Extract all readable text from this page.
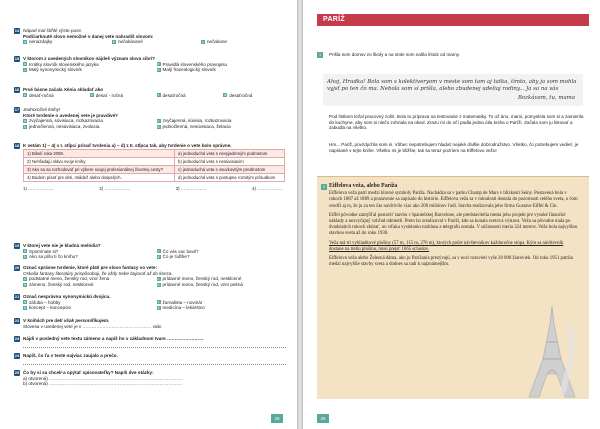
14 Nápad mal štíhlé výsto-puse.
Podčiarknuté slovo nemožné v danej vete nahradíš slovom:
a nenazdajky	b nečakávané	c nečakane
15 V ktorom z uvedených slovníkov nájdeš význam slova cibrí?
a Krátky slovník slovenského jazyka	b Pravidlá slovenského pravopisu
c Malý synonymický slovník	d Malý frazeologický slovník
16 Prvé básne začala Xénia skladať ako
a desať-ročná	b desať - ročná	c desaťročná	d desaťročná
17 Jednoročné knihy!
Ktoré tvrdenie o uvedenej vete je pravdivé?
a zvyčajenná, súvisiaca, rozkazovacia	c zvyčajenná, súvisia, rozkazovacia
b jednočlenná, nesúvisiaca, zvolacia	d jednočlenná, nesúvisiaca, želacia
18 K vetám 1) – 4) v I. stĺpci priraď tvrdenia a) – d) z II. stĺpca tak, aby tvrdenie o vete bolo správne.
1) Bikelí roka 2008.	a) jednoduchá veta s nevyjadreným podmetom
2) Nehľadajú slávu svoje knihy.	b) jednoduchá veta s nesúvisiacim
3) Ako sa sa rozhodovať pri výbere svojej profesionálnej životnej cesty?	c) jednoduchá veta s vsuvkovitým predmetom
4) Budem písať pre deti, mládež alebo dospelých.	d) jednoduchá veta s postupne rozvitým prísudkom
1) ………………	2) ………………	3) ………………	4) ………………
19 V ktorej vete nie je kladná melódia?
a Spomínate si?	c Čo vás vac bavil?
b Ako sa píšu ti čo kníhu?	d Čo je ťažšie?
20 Označ správne tvrdenie, ktoré platí pre slovo fantasy vo vete:
Oskalia fantasy literatúry prispôsobuji, že vždy trebe bojovať až do konca.
a podstatné meno, ženský rod, vzor žena	c prídavné meno, ženský rod, nesklonné
b zámeno, ženský rod, nesklonné	d prídavné meno, ženský rod, vzor pekná
21 Označ nesprávnu synonymickú dvojicu.
a záľuba – hobby	c žurnalista – novinár
b koncept – koncepcie	d medicína – lekárstvo
22 V knihách pre deti však personifikujem.
Slovesa v uvedenej vete je v ……………………………………… vide.
23 Nájdi v posledný vete textu zámeno a napíš ho v základnom tvare ……………………
24 Napíš, čo ťa v texte najviac zaujalo a prečo.
25 Čo by si sa chcel/-a opýtať spisovateľky? Napíš dve otázky:
a) otvorená) ……………………………………………………………………………
b) otvorená) ……………………………………………………………………………
25
PARÍŽ
1	Prišla som domov zo školy a na stole som našla lístok od mamy.
Ahoj, Hrudka! Bola som s kolektiveryom v meste som tam aj tatka, tímto, aby ja som mohla vyjsť po ten čo ma. Nebola som si prišla, alebo zbudenej udeliaj rodiny... Ja sa na vás
Bozkávam, tu, mama
Pod lístkom ležal pracovný zošit. Bola to príprava na testovanie z matematiky. To už áno, mami, pomyslela som si a zamierila do kuchyne, aby som si niečo zohriala na obed. Zrazu mi do očí padla jedna útla kniha o Paríži. Začala som ju listovať a zabudla na všetko.
Hm... Paríž, povzdychla som si. Vôbec nepotrebujem hladať nejaké ďalšie dobrodružstvo. Všetko, čo potrebujem vedieť, je napísané v tejto knihe. Všetko mi je bližšie, tak sa teraz pozriem na Eiffelovu vežu!
2 Eiffelova veža, alebo Paríža
Eiffelova veža patrí medzi hlavné symboly Paríža. Nachádza sa v parku Champ de Mars v blízkosti Seiny. Postavená bola v rokoch 1887 až 1889 a postavenie sa zapísalo do histórie. Eiffelova veža sa v minulosti dostala do pozornosti celého sveta, o čom svedčí aj to, že ju za ten čas navštívilo viac ako 200 miliónov ľudí. Stavba realizovala jeho firma Gustave Eiffel & Cie.
Eiffel pôvodne zamýšľal postaviť stavbu v španielskej Barcelone, ale predstavitelia mesta jeho projekt pre vysoké finančné náklady a nezvyčajný vzhľad odmietli. Preto ho zrealizoval v Paríži, kde sa konala svetová výstava. Veža sa pôvodne mala po dvadsiatich rokoch zbúrať, no vďaka vysielaniu rozhlasu a telegrafu zostala. V súčasnosti meria 324 metrov. Veža bola najvyššou stavbou sveta až do roku 1930.
Veža má tri vyhliadkové plošiny (57 m, 115 m, 276 m), ktorých počet návštevníkov každoročne stúpa. Kým sa návštevník dostane na tretiu plošinu, musí prejsť 1665 schodov.
Eiffelova veža alebo Železná dáma, ako ju Parížania prezývajú, sa v noci rozsvieti vyše 20 000 žiaroviek. Od roku 1951 patrila medzi najvyššie stavby sveta a dodnes sa radí k najznámejším.
26
